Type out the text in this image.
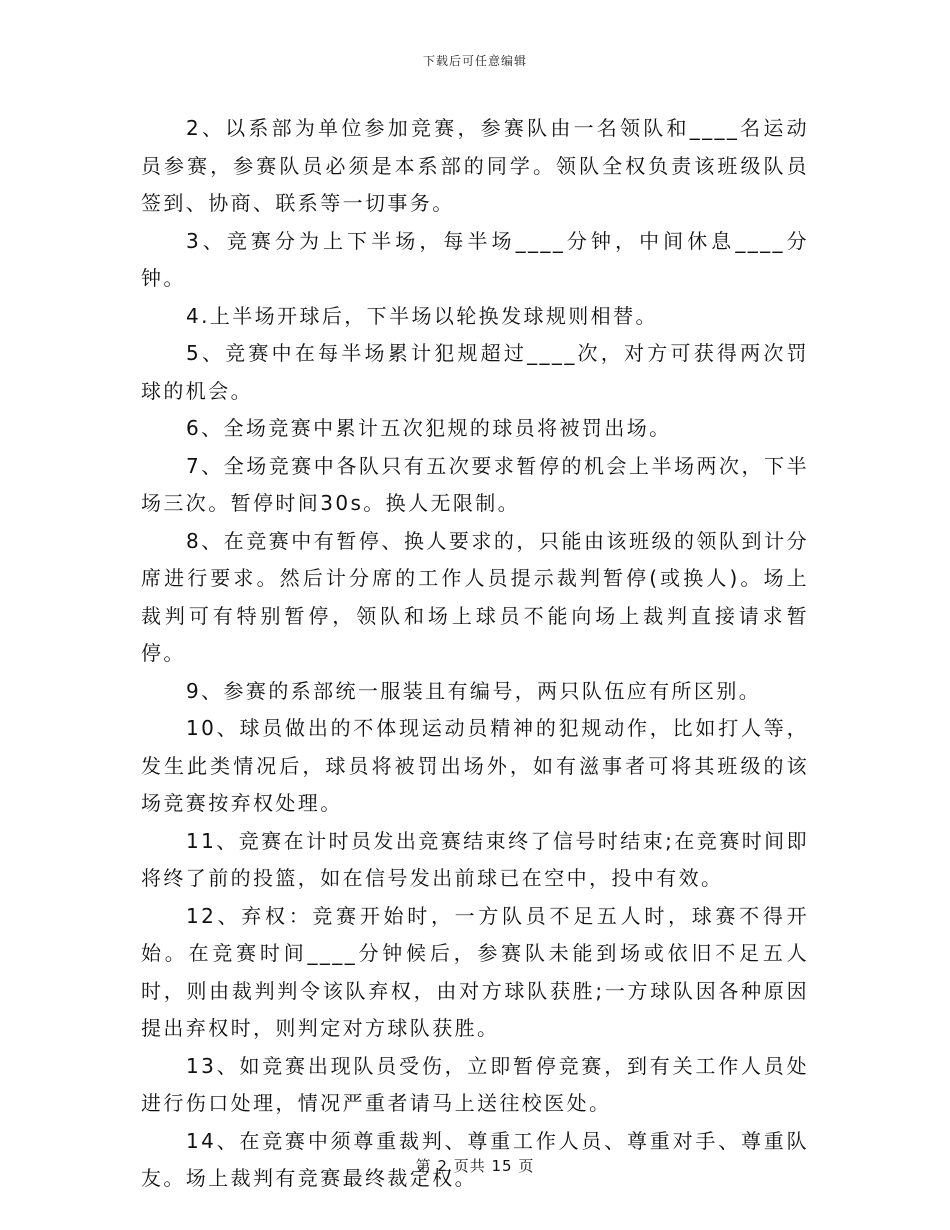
下载后可任意编辑

2、以系部为单位参加竞赛，参赛队由一名领队和____名运动员参赛，参赛队员必须是本系部的同学。领队全权负责该班级队员签到、协商、联系等一切事务。

3、竞赛分为上下半场，每半场____分钟，中间休息____分钟。

4.上半场开球后，下半场以轮换发球规则相替。

5、竞赛中在每半场累计犯规超过____次，对方可获得两次罚球的机会。

6、全场竞赛中累计五次犯规的球员将被罚出场。

7、全场竞赛中各队只有五次要求暂停的机会上半场两次，下半场三次。暂停时间30s。换人无限制。

8、在竞赛中有暂停、换人要求的，只能由该班级的领队到计分席进行要求。然后计分席的工作人员提示裁判暂停(或换人)。场上裁判可有特别暂停，领队和场上球员不能向场上裁判直接请求暂停。

9、参赛的系部统一服装且有编号，两只队伍应有所区别。

10、球员做出的不体现运动员精神的犯规动作，比如打人等，发生此类情况后，球员将被罚出场外，如有滋事者可将其班级的该场竞赛按弃权处理。

11、竞赛在计时员发出竞赛结束终了信号时结束;在竞赛时间即将终了前的投篮，如在信号发出前球已在空中，投中有效。

12、弃权：竞赛开始时，一方队员不足五人时，球赛不得开始。在竞赛时间____分钟候后，参赛队未能到场或依旧不足五人时，则由裁判判令该队弃权，由对方球队获胜;一方球队因各种原因提出弃权时，则判定对方球队获胜。

13、如竞赛出现队员受伤，立即暂停竞赛，到有关工作人员处进行伤口处理，情况严重者请马上送往校医处。

14、在竞赛中须尊重裁判、尊重工作人员、尊重对手、尊重队友。场上裁判有竞赛最终裁定权。

第 2 页共 15 页
